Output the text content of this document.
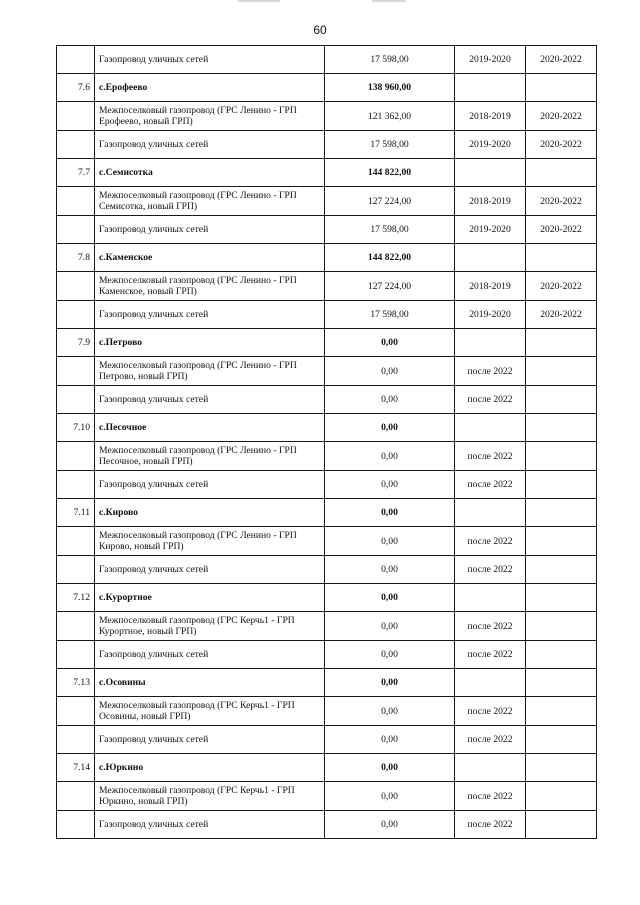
60
	Газопровод уличных сетей	17 598,00	2019-2020	2020-2022
7.6	с.Ерофеево	138 960,00		
	Межпоселковый газопровод (ГРС Ленино - ГРП Ерофеево, новый ГРП)	121 362,00	2018-2019	2020-2022
	Газопровод уличных сетей	17 598,00	2019-2020	2020-2022
7.7	с.Семисотка	144 822,00		
	Межпоселковый газопровод (ГРС Ленино - ГРП Семисотка, новый ГРП)	127 224,00	2018-2019	2020-2022
	Газопровод уличных сетей	17 598,00	2019-2020	2020-2022
7.8	с.Каменское	144 822,00		
	Межпоселковый газопровод (ГРС Ленино - ГРП Каменское, новый ГРП)	127 224,00	2018-2019	2020-2022
	Газопровод уличных сетей	17 598,00	2019-2020	2020-2022
7.9	с.Петрово	0,00		
	Межпоселковый газопровод (ГРС Ленино - ГРП Петрово, новый ГРП)	0,00	после 2022	
	Газопровод уличных сетей	0,00	после 2022	
7.10	с.Песочное	0,00		
	Межпоселковый газопровод (ГРС Ленино - ГРП Песочное, новый ГРП)	0,00	после 2022	
	Газопровод уличных сетей	0,00	после 2022	
7.11	с.Кирово	0,00		
	Межпоселковый газопровод (ГРС Ленино - ГРП Кирово, новый ГРП)	0,00	после 2022	
	Газопровод уличных сетей	0,00	после 2022	
7.12	с.Курортное	0,00		
	Межпоселковый газопровод (ГРС Керчь1 - ГРП Курортное, новый ГРП)	0,00	после 2022	
	Газопровод уличных сетей	0,00	после 2022	
7.13	с.Осовины	0,00		
	Межпоселковый газопровод (ГРС Керчь1 - ГРП Осовины, новый ГРП)	0,00	после 2022	
	Газопровод уличных сетей	0,00	после 2022	
7.14	с.Юркино	0,00		
	Межпоселковый газопровод (ГРС Керчь1 - ГРП Юркино, новый ГРП)	0,00	после 2022	
	Газопровод уличных сетей	0,00	после 2022	
